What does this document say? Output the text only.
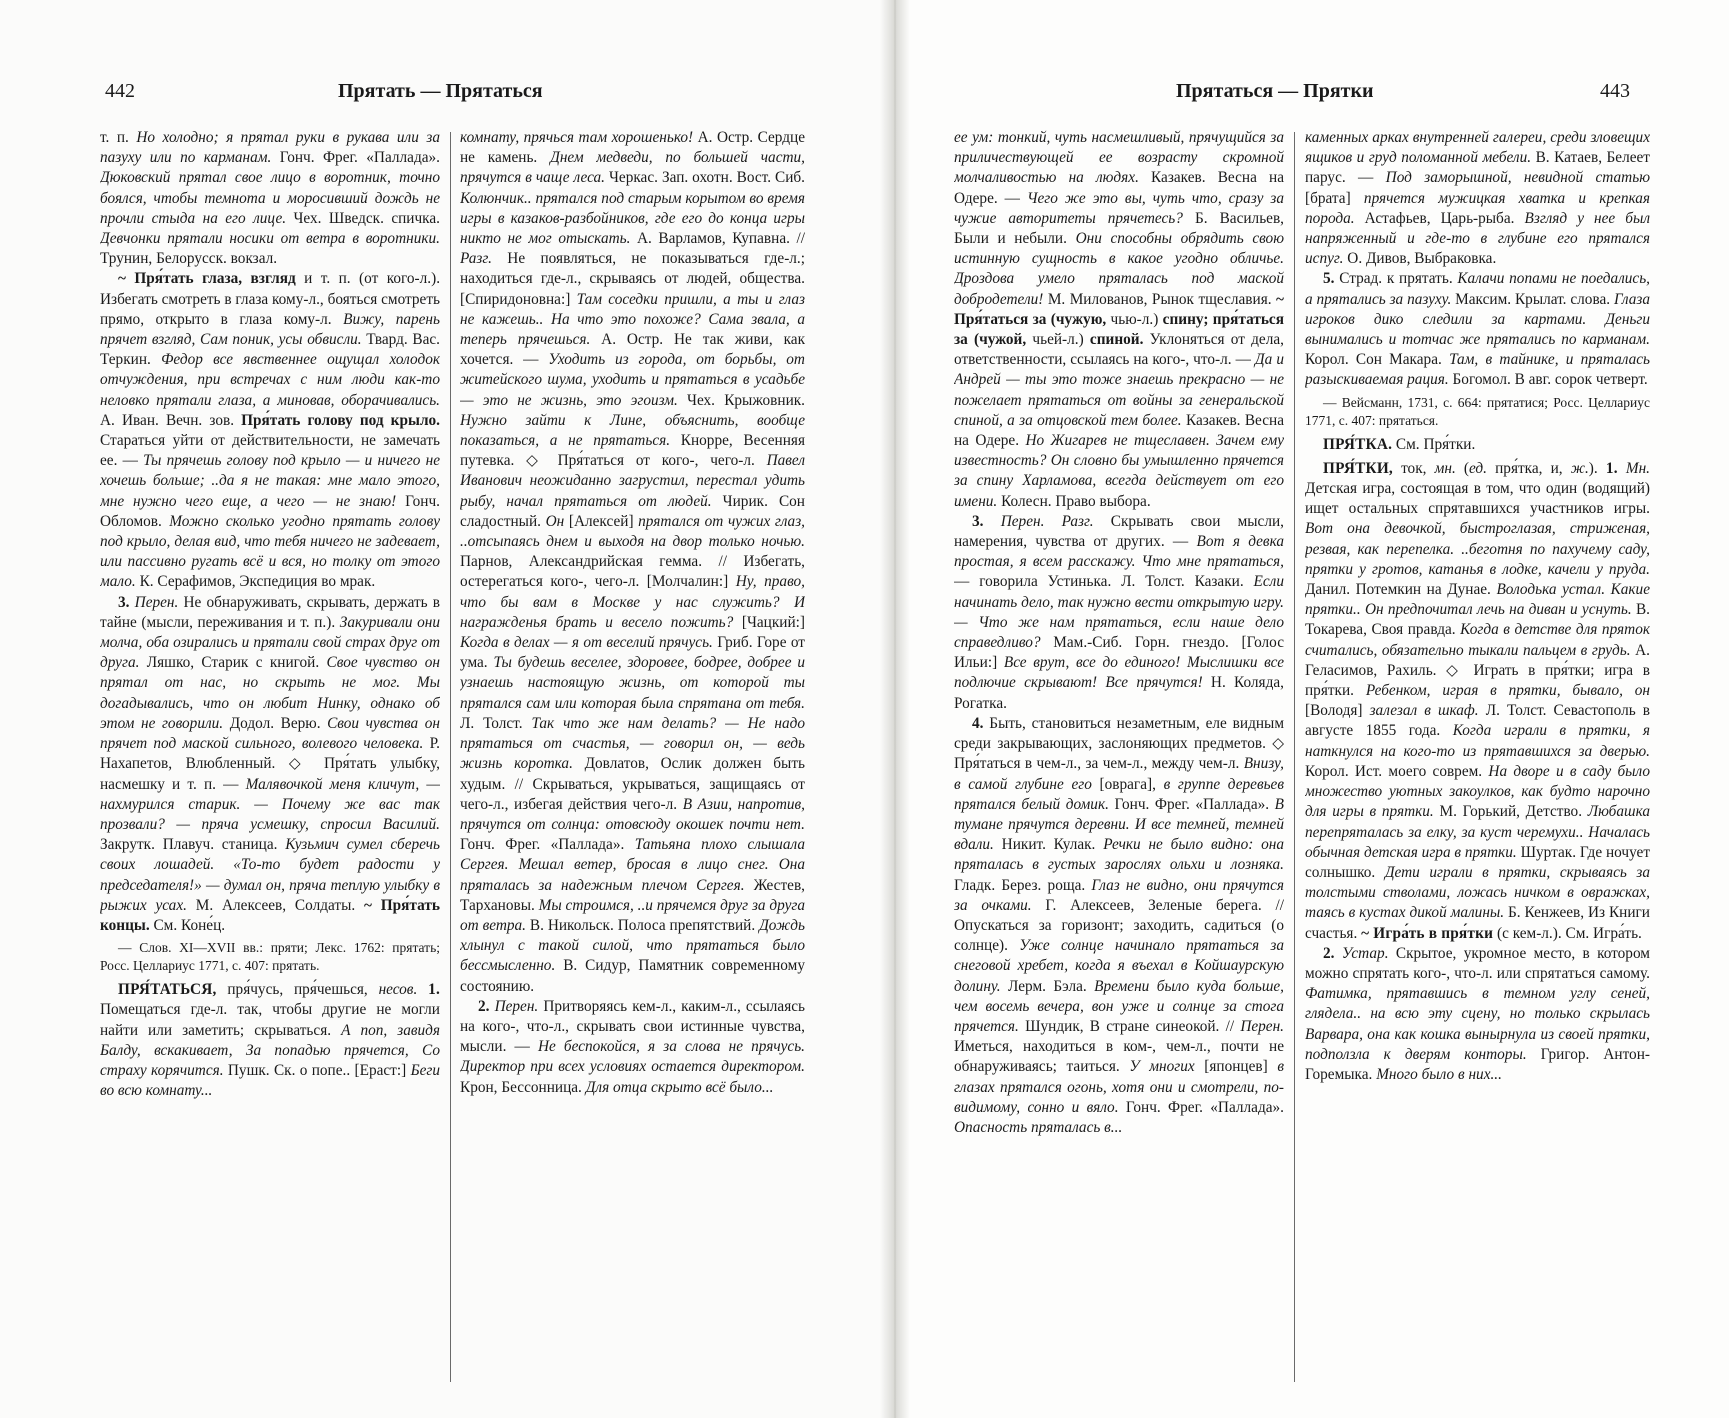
442	Прятать — Прятаться

т. п. Но холодно; я прятал руки в рукава или за пазуху или по карманам. Гонч. Фрег. «Паллада». Дюковский прятал свое лицо в воротник, точно боялся, чтобы темнота и моросивший дождь не прочли стыда на его лице. Чех. Шведск. спичка. Девчонки прятали носики от ветра в воротники. Трунин, Белорусск. вокзал.

~ Пря́тать глаза, взгляд и т. п. (от кого-л.). Избегать смотреть в глаза кому-л., бояться смотреть прямо, открыто в глаза кому-л. Вижу, парень прячет взгляд, Сам поник, усы обвисли. Твард. Вас. Теркин. Федор все явственнее ощущал холодок отчуждения, при встречах с ним люди как-то неловко прятали глаза, а миновав, оборачивались. А. Иван. Вечн. зов. Пря́тать голову под крыло. Стараться уйти от действительности, не замечать ее. — Ты прячешь голову под крыло — и ничего не хочешь больше; ..да я не такая: мне мало этого, мне нужно чего еще, а чего — не знаю! Гонч. Обломов. Можно сколько угодно прятать голову под крыло, делая вид, что тебя ничего не задевает, или пассивно ругать всё и вся, но толку от этого мало. К. Серафимов, Экспедиция во мрак.

3. Перен. Не обнаруживать, скрывать, держать в тайне (мысли, переживания и т. п.). Закуривали они молча, оба озирались и прятали свой страх друг от друга. Ляшко, Старик с книгой. Свое чувство он прятал от нас, но скрыть не мог. Мы догадывались, что он любит Нинку, однако об этом не говорили. Додол. Верю. Свои чувства он прячет под маской сильного, волевого человека. Р. Нахапетов, Влюбленный. ◇ Пря́тать улыбку, насмешку и т. п. — Малявочкой меня кличут, — нахмурился старик. — Почему же вас так прозвали? — пряча усмешку, спросил Василий. Закрутк. Плавуч. станица. Кузьмич сумел сберечь своих лошадей. «То-то будет радости у председателя!» — думал он, пряча теплую улыбку в рыжих усах. М. Алексеев, Солдаты. ~ Пря́тать концы. См. Коне́ц.

— Слов. XI—XVII вв.: пряти; Лекс. 1762: прятать; Росс. Целлариус 1771, с. 407: прятать.

ПРЯ́ТАТЬСЯ, пря́чусь, пря́чешься, несов. 1. Помещаться где-л. так, чтобы другие не могли найти или заметить; скрываться. А поп, завидя Балду, вскакивает, За попадью прячется, Со страху корячится. Пушк. Ск. о попе.. [Ераст:] Беги во всю комнату...

комнату, прячься там хорошенько! А. Остр. Сердце не камень. Днем медведи, по большей части, прячутся в чаще леса. Черкас. Зап. охотн. Вост. Сиб. Колюнчик.. прятался под старым корытом во время игры в казаков-разбойников, где его до конца игры никто не мог отыскать. А. Варламов, Купавна. // Разг. Не появляться, не показываться где-л.; находиться где-л., скрываясь от людей, общества. [Спиридоновна:] Там соседки пришли, а ты и глаз не кажешь.. На что это похоже? Сама звала, а теперь прячешься. А. Остр. Не так живи, как хочется. — Уходить из города, от борьбы, от житейского шума, уходить и прятаться в усадьбе — это не жизнь, это эгоизм. Чех. Крыжовник. Нужно зайти к Лине, объяснить, вообще показаться, а не прятаться. Кнорре, Весенняя путевка. ◇ Пря́таться от кого-, чего-л. Павел Иванович неожиданно загрустил, перестал удить рыбу, начал прятаться от людей. Чирик. Сон сладостный. Он [Алексей] прятался от чужих глаз, ..отсыпаясь днем и выходя на двор только ночью. Парнов, Александрийская гемма. // Избегать, остерегаться кого-, чего-л. [Молчалин:] Ну, право, что бы вам в Москве у нас служить? И награжденья брать и весело пожить? [Чацкий:] Когда в делах — я от веселий прячусь. Гриб. Горе от ума. Ты будешь веселее, здоровее, бодрее, добрее и узнаешь настоящую жизнь, от которой ты прятался сам или которая была спрятана от тебя. Л. Толст. Так что же нам делать? — Не надо прятаться от счастья, — говорил он, — ведь жизнь коротка. Довлатов, Ослик должен быть худым. // Скрываться, укрываться, защищаясь от чего-л., избегая действия чего-л. В Азии, напротив, прячутся от солнца: отовсюду окошек почти нет. Гонч. Фрег. «Паллада». Татьяна плохо слышала Сергея. Мешал ветер, бросая в лицо снег. Она пряталась за надежным плечом Сергея. Жестев, Тархановы. Мы строимся, ..и прячемся друг за друга от ветра. В. Никольск. Полоса препятствий. Дождь хлынул с такой силой, что прятаться было бессмысленно. В. Сидур, Памятник современному состоянию.

2. Перен. Притворяясь кем-л., каким-л., ссылаясь на кого-, что-л., скрывать свои истинные чувства, мысли. — Не беспокойся, я за слова не прячусь. Директор при всех условиях остается директором. Крон, Бессонница. Для отца скрыто всё было...

Прятаться — Прятки	443

ее ум: тонкий, чуть насмешливый, прячущийся за приличествующей ее возрасту скромной молчаливостью на людях. Казакев. Весна на Одере. — Чего же это вы, чуть что, сразу за чужие авторитеты прячетесь? Б. Васильев, Были и небыли. Они способны обрядить свою истинную сущность в какое угодно обличье. Дроздова умело пряталась под маской добродетели! М. Милованов, Рынок тщеславия. ~ Пря́таться за (чужую, чью-л.) спину; пря́таться за (чужой, чьей-л.) спиной. Уклоняться от дела, ответственности, ссылаясь на кого-, что-л. — Да и Андрей — ты это тоже знаешь прекрасно — не пожелает прятаться от войны за генеральской спиной, а за отцовской тем более. Казакев. Весна на Одере. Но Жигарев не тщеславен. Зачем ему известность? Он словно бы умышленно прячется за спину Харламова, всегда действует от его имени. Колесн. Право выбора.

3. Перен. Разг. Скрывать свои мысли, намерения, чувства от других. — Вот я девка простая, я всем расскажу. Что мне прятаться, — говорила Устинька. Л. Толст. Казаки. Если начинать дело, так нужно вести открытую игру. — Что же нам прятаться, если наше дело справедливо? Мам.-Сиб. Горн. гнездо. [Голос Ильи:] Все врут, все до единого! Мыслишки все подлючие скрывают! Все прячутся! Н. Коляда, Рогатка.

4. Быть, становиться незаметным, еле видным среди закрывающих, заслоняющих предметов. ◇ Пря́таться в чем-л., за чем-л., между чем-л. Внизу, в самой глубине его [оврага], в группе деревьев прятался белый домик. Гонч. Фрег. «Паллада». В тумане прячутся деревни. И все темней, темней вдали. Никит. Кулак. Речки не было видно: она пряталась в густых зарослях ольхи и лозняка. Гладк. Берез. роща. Глаз не видно, они прячутся за очками. Г. Алексеев, Зеленые берега. // Опускаться за горизонт; заходить, садиться (о солнце). Уже солнце начинало прятаться за снеговой хребет, когда я въехал в Койшаурскую долину. Лерм. Бэла. Времени было куда больше, чем восемь вечера, вон уже и солнце за стога прячется. Шундик, В стране синеокой. // Перен. Иметься, находиться в ком-, чем-л., почти не обнаруживаясь; таиться. У многих [японцев] в глазах прятался огонь, хотя они и смотрели, по-видимому, сонно и вяло. Гонч. Фрег. «Паллада». Опасность пряталась в...

каменных арках внутренней галереи, среди зловещих ящиков и груд поломанной мебели. В. Катаев, Белеет парус. — Под заморышной, невидной статью [брата] прячется мужицкая хватка и крепкая порода. Астафьев, Царь-рыба. Взгляд у нее был напряженный и где-то в глубине его пряталcя испуг. О. Дивов, Выбраковка.

5. Страд. к прятать. Калачи попами не поедались, а прятались за пазуху. Максим. Крылат. слова. Глаза игроков дико следили за картами. Деньги вынимались и тотчас же прятались по карманам. Корол. Сон Макара. Там, в тайнике, и пряталась разыскиваемая рация. Богомол. В авг. сорок четверт.

— Вейсманн, 1731, с. 664: прятатися; Росс. Целлариус 1771, с. 407: прятаться.

ПРЯ́ТКА. См. Пря́тки.

ПРЯ́ТКИ, ток, мн. (ед. пря́тка, и, ж.). 1. Мн. Детская игра, состоящая в том, что один (водящий) ищет остальных спрятавшихся участников игры. Вот она девочкой, быстроглазая, стриженая, резвая, как перепелка. ..беготня по пахучему саду, прятки у гротов, катанья в лодке, качели у пруда. Данил. Потемкин на Дунае. Володька устал. Какие прятки.. Он предпочитал лечь на диван и уснуть. В. Токарева, Своя правда. Когда в детстве для пряток считались, обязательно тыкали пальцем в грудь. А. Геласимов, Рахиль. ◇ Играть в пря́тки; игра в пря́тки. Ребенком, играя в прятки, бывало, он [Володя] залезал в шкаф. Л. Толст. Севастополь в августе 1855 года. Когда играли в прятки, я наткнулся на кого-то из прятавшихся за дверью. Корол. Ист. моего соврем. На дворе и в саду было множество уютных закоулков, как будто нарочно для игры в прятки. М. Горький, Детство. Любашка перепряталась за елку, за куст черемухи.. Началась обычная детская игра в прятки. Шуртак. Где ночует солнышко. Дети играли в прятки, скрываясь за толстыми стволами, ложась ничком в овражках, таясь в кустах дикой малины. Б. Кенжеев, Из Книги счастья. ~ Игра́ть в пря́тки (с кем-л.). См. Игра́ть.

2. Устар. Скрытое, укромное место, в котором можно спрятать кого-, что-л. или спрятаться самому. Фатимка, прятавшись в темном углу сеней, глядела.. на всю эту сцену, но только скрылась Варвара, она как кошка вынырнула из своей прятки, подползла к дверям конторы. Григор. Антон-Горемыка. Много было в них...
